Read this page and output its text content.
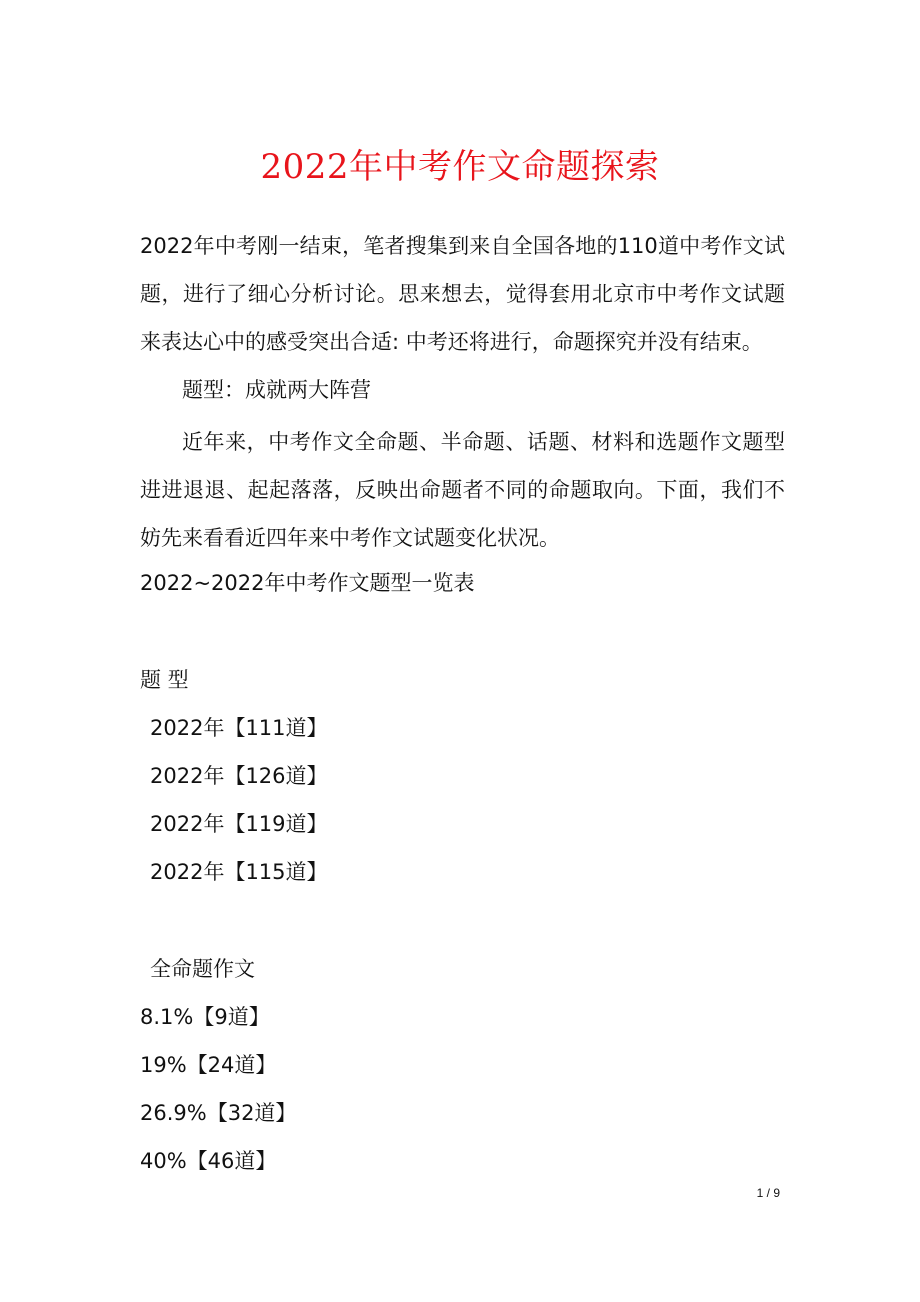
2022年中考作文命题探索
2022年中考刚一结束，笔者搜集到来自全国各地的110道中考作文试题，进行了细心分析讨论。思来想去，觉得套用北京市中考作文试题来表达心中的感受突出合适: 中考还将进行，命题探究并没有结束。
题型：成就两大阵营
近年来，中考作文全命题、半命题、话题、材料和选题作文题型进进退退、起起落落，反映出命题者不同的命题取向。下面，我们不妨先来看看近四年来中考作文试题变化状况。
2022~2022年中考作文题型一览表
题 型
2022年【111道】
2022年【126道】
2022年【119道】
2022年【115道】
全命题作文
8.1%【9道】
19%【24道】
26.9%【32道】
40%【46道】
1 / 9
